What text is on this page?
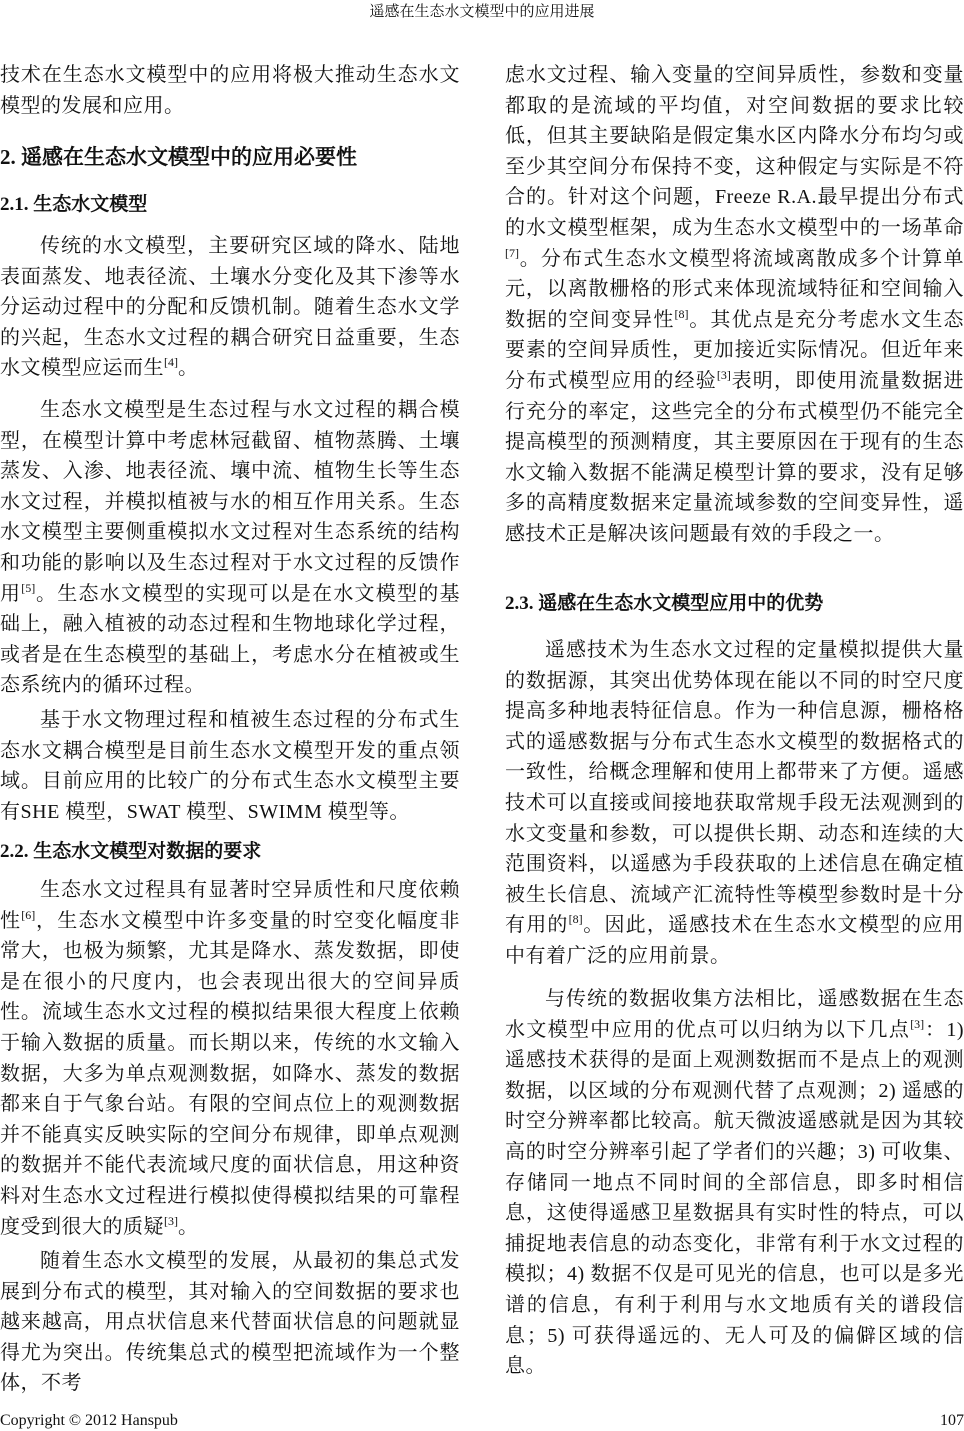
遥感在生态水文模型中的应用进展

技术在生态水文模型中的应用将极大推动生态水文模型的发展和应用。

2. 遥感在生态水文模型中的应用必要性
2.1. 生态水文模型

传统的水文模型，主要研究区域的降水、陆地表面蒸发、地表径流、土壤水分变化及其下渗等水分运动过程中的分配和反馈机制。随着生态水文学的兴起，生态水文过程的耦合研究日益重要，生态水文模型应运而生[4]。

生态水文模型是生态过程与水文过程的耦合模型，在模型计算中考虑林冠截留、植物蒸腾、土壤蒸发、入渗、地表径流、壤中流、植物生长等生态水文过程，并模拟植被与水的相互作用关系。生态水文模型主要侧重模拟水文过程对生态系统的结构和功能的影响以及生态过程对于水文过程的反馈作用[5]。生态水文模型的实现可以是在水文模型的基础上，融入植被的动态过程和生物地球化学过程，或者是在生态模型的基础上，考虑水分在植被或生态系统内的循环过程。

基于水文物理过程和植被生态过程的分布式生态水文耦合模型是目前生态水文模型开发的重点领域。目前应用的比较广的分布式生态水文模型主要有SHE 模型，SWAT 模型、SWIMM 模型等。

2.2. 生态水文模型对数据的要求

生态水文过程具有显著时空异质性和尺度依赖性[6]，生态水文模型中许多变量的时空变化幅度非常大，也极为频繁，尤其是降水、蒸发数据，即使是在很小的尺度内，也会表现出很大的空间异质性。流域生态水文过程的模拟结果很大程度上依赖于输入数据的质量。而长期以来，传统的水文输入数据，大多为单点观测数据，如降水、蒸发的数据都来自于气象台站。有限的空间点位上的观测数据并不能真实反映实际的空间分布规律，即单点观测的数据并不能代表流域尺度的面状信息，用这种资料对生态水文过程进行模拟使得模拟结果的可靠程度受到很大的质疑[3]。

随着生态水文模型的发展，从最初的集总式发展到分布式的模型，其对输入的空间数据的要求也越来越高，用点状信息来代替面状信息的问题就显得尤为突出。传统集总式的模型把流域作为一个整体，不考

虑水文过程、输入变量的空间异质性，参数和变量都取的是流域的平均值，对空间数据的要求比较低，但其主要缺陷是假定集水区内降水分布均匀或至少其空间分布保持不变，这种假定与实际是不符合的。针对这个问题，Freeze R.A.最早提出分布式的水文模型框架，成为生态水文模型中的一场革命[7]。分布式生态水文模型将流域离散成多个计算单元，以离散栅格的形式来体现流域特征和空间输入数据的空间变异性[8]。其优点是充分考虑水文生态要素的空间异质性，更加接近实际情况。但近年来分布式模型应用的经验[3]表明，即使用流量数据进行充分的率定，这些完全的分布式模型仍不能完全提高模型的预测精度，其主要原因在于现有的生态水文输入数据不能满足模型计算的要求，没有足够多的高精度数据来定量流域参数的空间变异性，遥感技术正是解决该问题最有效的手段之一。

2.3. 遥感在生态水文模型应用中的优势

遥感技术为生态水文过程的定量模拟提供大量的数据源，其突出优势体现在能以不同的时空尺度提高多种地表特征信息。作为一种信息源，栅格格式的遥感数据与分布式生态水文模型的数据格式的一致性，给概念理解和使用上都带来了方便。遥感技术可以直接或间接地获取常规手段无法观测到的水文变量和参数，可以提供长期、动态和连续的大范围资料，以遥感为手段获取的上述信息在确定植被生长信息、流域产汇流特性等模型参数时是十分有用的[8]。因此，遥感技术在生态水文模型的应用中有着广泛的应用前景。

与传统的数据收集方法相比，遥感数据在生态水文模型中应用的优点可以归纳为以下几点[3]：1) 遥感技术获得的是面上观测数据而不是点上的观测数据，以区域的分布观测代替了点观测；2) 遥感的时空分辨率都比较高。航天微波遥感就是因为其较高的时空分辨率引起了学者们的兴趣；3) 可收集、存储同一地点不同时间的全部信息，即多时相信息，这使得遥感卫星数据具有实时性的特点，可以捕捉地表信息的动态变化，非常有利于水文过程的模拟；4) 数据不仅是可见光的信息，也可以是多光谱的信息，有利于利用与水文地质有关的谱段信息；5) 可获得遥远的、无人可及的偏僻区域的信息。

Copyright © 2012 Hanspub	107
